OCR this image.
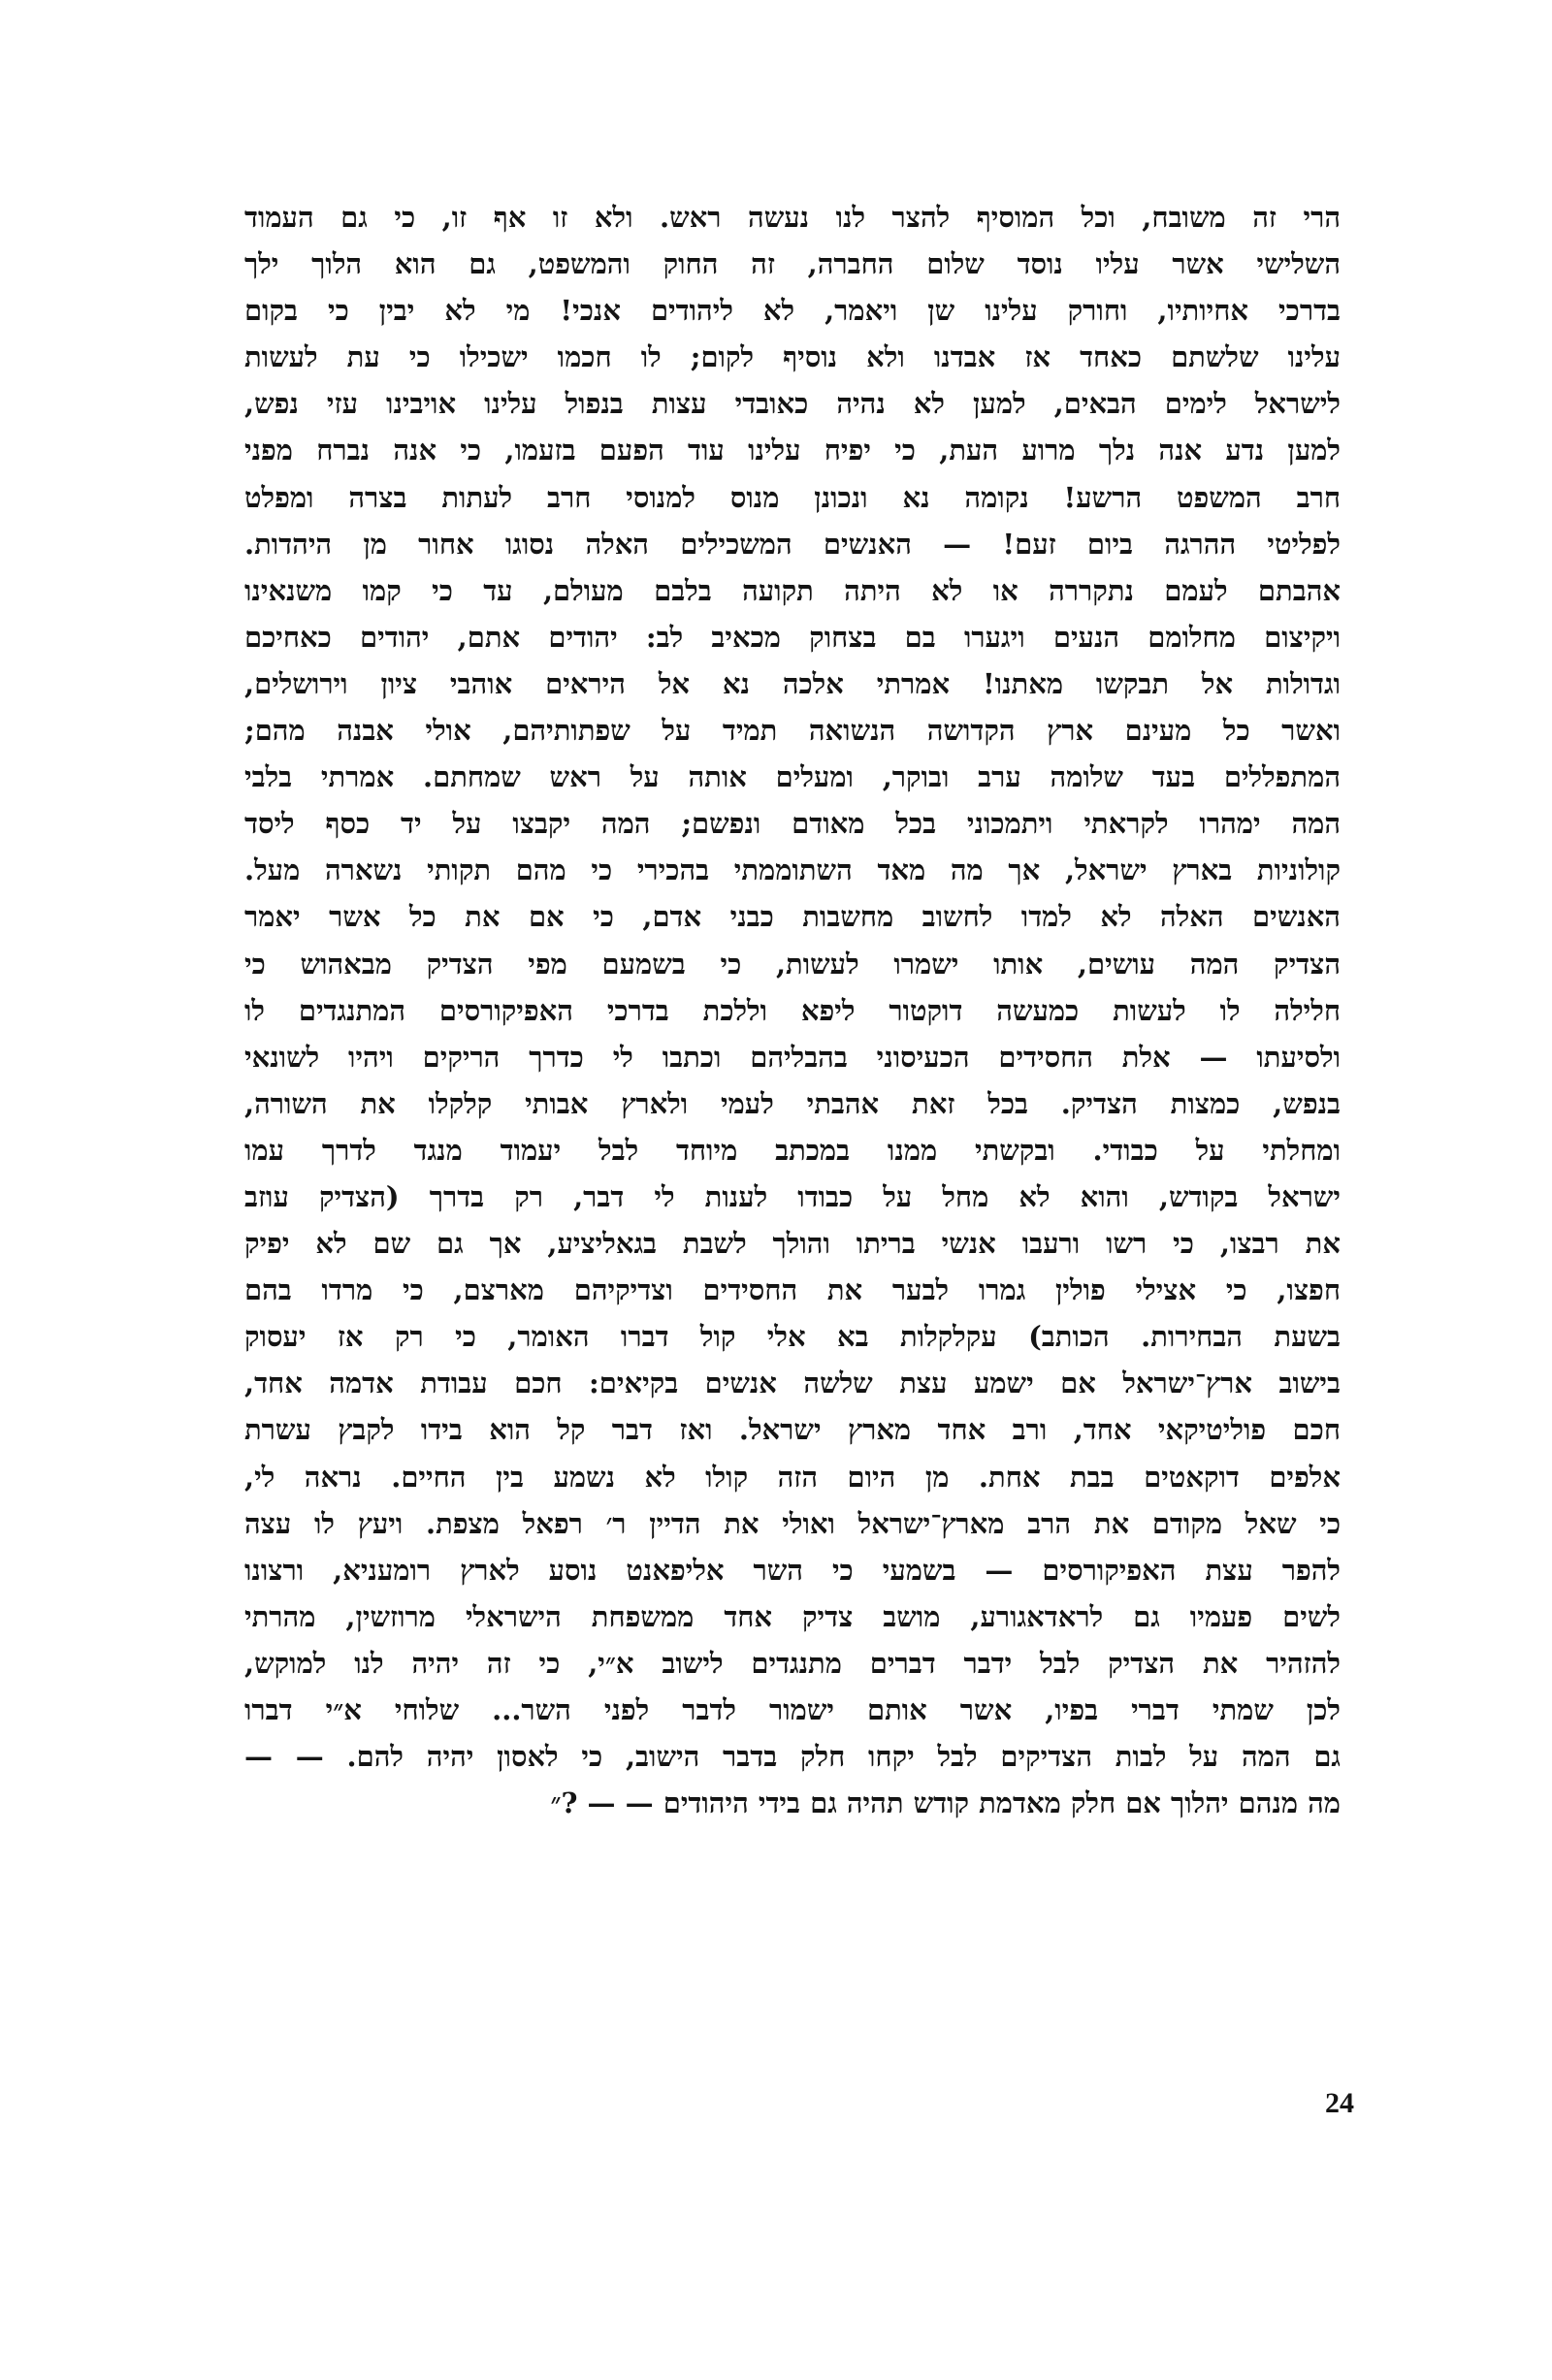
הרי זה משובח, וכל המוסיף להצר לנו נעשה ראש. ולא זו אף זו, כי גם העמוד
השלישי אשר עליו נוסד שלום החברה, זה החוק והמשפט, גם הוא הלוך ילך
בדרכי אחיותיו, וחורק עלינו שן ויאמר, לא ליהודים אנכי! מי לא יבין כי בקום
עלינו שלשתם כאחד אז אבדנו ולא נוסיף לקום; לו חכמו ישכילו כי עת לעשות
לישראל לימים הבאים, למען לא נהיה כאובדי עצות בנפול עלינו אויבינו עזי נפש,
למען נדע אנה נלך מרוע העת, כי יפיח עלינו עוד הפעם בזעמו, כי אנה נברח מפני
חרב המשפט הרשע! נקומה נא ונכונן מנוס למנוסי חרב לעתות בצרה ומפלט
לפליטי ההרגה ביום זעם! — האנשים המשכילים האלה נסוגו אחור מן היהדות.
אהבתם לעמם נתקררה או לא היתה תקועה בלבם מעולם, עד כי קמו משנאינו
ויקיצום מחלומם הנעים ויגערו בם בצחוק מכאיב לב: יהודים אתם, יהודים כאחיכם
וגדולות אל תבקשו מאתנו! אמרתי אלכה נא אל היראים אוהבי ציון וירושלים,
ואשר כל מעינם ארץ הקדושה הנשואה תמיד על שפתותיהם, אולי אבנה מהם;
המתפללים בעד שלומה ערב ובוקר, ומעלים אותה על ראש שמחתם. אמרתי בלבי
המה ימהרו לקראתי ויתמכוני בכל מאודם ונפשם; המה יקבצו על יד כסף ליסד
קולוניות בארץ ישראל, אך מה מאד השתוממתי בהכירי כי מהם תקותי נשארה מעל.
האנשים האלה לא למדו לחשוב מחשבות כבני אדם, כי אם את כל אשר יאמר
הצדיק המה עושים, אותו ישמרו לעשות, כי בשמעם מפי הצדיק מבאהוש כי
חלילה לו לעשות כמעשה דוקטור ליפא וללכת בדרכי האפיקורסים המתנגדים לו
ולסיעתו — אלת החסידים הכעיסוני בהבליהם וכתבו לי כדרך הריקים ויהיו לשונאי
בנפש, כמצות הצדיק. בכל זאת אהבתי לעמי ולארץ אבותי קלקלו את השורה,
ומחלתי על כבודי. ובקשתי ממנו במכתב מיוחד לבל יעמוד מנגד לדרך עמו
ישראל בקודש, והוא לא מחל על כבודו לענות לי דבר, רק בדרך (הצדיק עוזב
את רבצו, כי רשו ורעבו אנשי בריתו והולך לשבת בגאליציע, אך גם שם לא יפיק
חפצו, כי אצילי פולין גמרו לבער את החסידים וצדיקיהם מארצם, כי מרדו בהם
בשעת הבחירות. הכותב) עקלקלות בא אלי קול דברו האומר, כי רק אז יעסוק
בישוב ארץ־ישראל אם ישמע עצת שלשה אנשים בקיאים: חכם עבודת אדמה אחד,
חכם פוליטיקאי אחד, ורב אחד מארץ ישראל. ואז דבר קל הוא בידו לקבץ עשרת
אלפים דוקאטים בבת אחת. מן היום הזה קולו לא נשמע בין החיים. נראה לי,
כי שאל מקודם את הרב מארץ־ישראל ואולי את הדיין ר׳ רפאל מצפת. ויעץ לו עצה
להפר עצת האפיקורסים — בשמעי כי השר אליפאנט נוסע לארץ רומעניא, ורצונו
לשים פעמיו גם לראדאגורע, מושב צדיק אחד ממשפחת הישראלי מרוזשין, מהרתי
להזהיר את הצדיק לבל ידבר דברים מתנגדים לישוב א״י, כי זה יהיה לנו למוקש,
לכן שמתי דברי בפיו, אשר אותם ישמור לדבר לפני השר... שלוחי א״י דברו
גם המה על לבות הצדיקים לבל יקחו חלק בדבר הישוב, כי לאסון יהיה להם. — —
מה מנהם יהלוך אם חלק מאדמת קודש תהיה גם בידי היהודים — — ?״
24
